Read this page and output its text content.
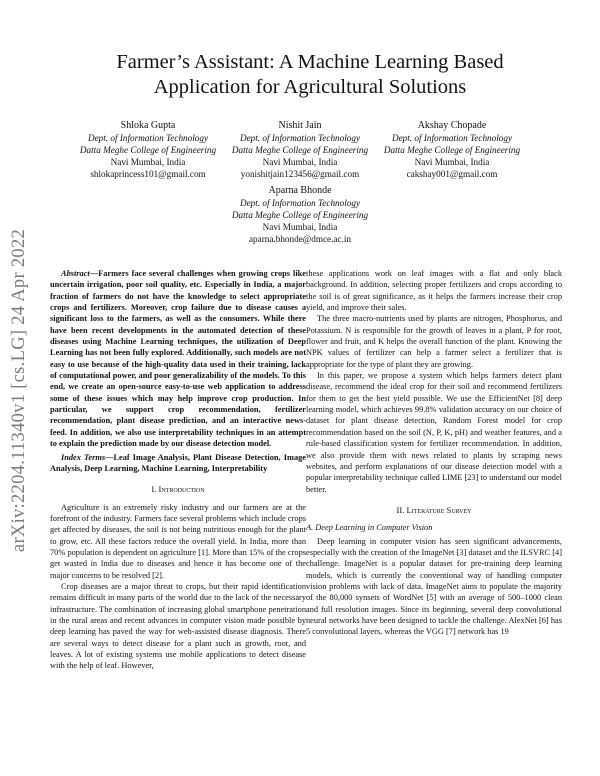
arXiv:2204.11340v1 [cs.LG] 24 Apr 2022
Farmer’s Assistant: A Machine Learning Based
Application for Agricultural Solutions
Shloka Gupta
Dept. of Information Technology
Datta Meghe College of Engineering
Navi Mumbai, India
shlokaprincess101@gmail.com
Nishit Jain
Dept. of Information Technology
Datta Meghe College of Engineering
Navi Mumbai, India
yonishitjain123456@gmail.com
Akshay Chopade
Dept. of Information Technology
Datta Meghe College of Engineering
Navi Mumbai, India
cakshay001@gmail.com
Aparna Bhonde
Dept. of Information Technology
Datta Meghe College of Engineering
Navi Mumbai, India
aparna.bhonde@dmce.ac.in

Abstract—Farmers face several challenges when growing crops like uncertain irrigation, poor soil quality, etc. Especially in India, a major fraction of farmers do not have the knowledge to select appropriate crops and fertilizers. Moreover, crop failure due to disease causes a significant loss to the farmers, as well as the consumers. While there have been recent developments in the automated detection of these diseases using Machine Learning techniques, the utilization of Deep Learning has not been fully explored. Additionally, such models are not easy to use because of the high-quality data used in their training, lack of computational power, and poor generalizability of the models. To this end, we create an open-source easy-to-use web application to address some of these issues which may help improve crop production. In particular, we support crop recommendation, fertilizer recommendation, plant disease prediction, and an interactive news-feed. In addition, we also use interpretability techniques in an attempt to explain the prediction made by our disease detection model.

Index Terms—Leaf Image Analysis, Plant Disease Detection, Image Analysis, Deep Learning, Machine Learning, Interpretability

I. Introduction

Agriculture is an extremely risky industry and our farmers are at the forefront of the industry. Farmers face several problems which include crops get affected by diseases, the soil is not being nutritious enough for the plant to grow, etc. All these factors reduce the overall yield. In India, more than 70% population is dependent on agriculture [1]. More than 15% of the crops get wasted in India due to diseases and hence it has become one of the major concerns to be resolved [2].

Crop diseases are a major threat to crops, but their rapid identification remains difficult in many parts of the world due to the lack of the necessary infrastructure. The combination of increasing global smartphone penetration in the rural areas and recent advances in computer vision made possible by deep learning has paved the way for web-assisted disease diagnosis. There are several ways to detect disease for a plant such as growth, root, and leaves. A lot of existing systems use mobile applications to detect disease with the help of leaf. However,

these applications work on leaf images with a flat and only black background. In addition, selecting proper fertilizers and crops according to the soil is of great significance, as it helps the farmers increase their crop yield, and improve their sales.

The three macro-nutrients used by plants are nitrogen, Phosphorus, and Potassium. N is responsible for the growth of leaves in a plant, P for root, flower and fruit, and K helps the overall function of the plant. Knowing the NPK values of fertilizer can help a farmer select a fertilizer that is appropriate for the type of plant they are growing.

In this paper, we propose a system which helps farmers detect plant disease, recommend the ideal crop for their soil and recommend fertilizers for them to get the best yield possible. We use the EfficientNet [8] deep learning model, which achieves 99.8% validation accuracy on our choice of dataset for plant disease detection, Random Forest model for crop recommendation based on the soil (N, P, K, pH) and weather features, and a rule-based classification system for fertilizer recommendation. In addition, we also provide them with news related to plants by scraping news websites, and perform explanations of our disease detection model with a popular interpretability technique called LIME [23] to understand our model better.

II. Literature Survey
A. Deep Learning in Computer Vision

Deep learning in computer vision has seen significant advancements, especially with the creation of the ImageNet [3] dataset and the ILSVRC [4] challenge. ImageNet is a popular dataset for pre-training deep learning models, which is currently the conventional way of handling computer vision problems with lack of data. ImageNet aims to populate the majority of the 80,000 synsets of WordNet [5] with an average of 500–1000 clean and full resolution images. Since its beginning, several deep convolutional neural networks have been designed to tackle the challenge. AlexNet [6] has 5 convolutional layers, whereas the VGG [7] network has 19
